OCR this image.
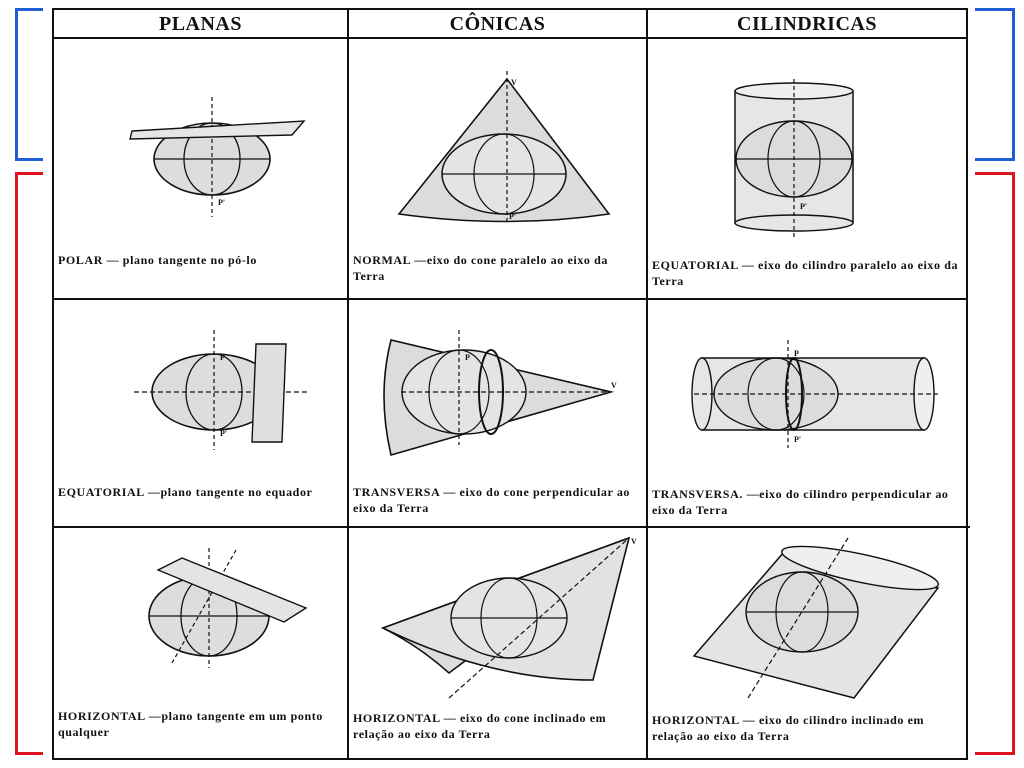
PLANAS	CÔNICAS	CILINDRICAS
P'
POLAR — plano tangente no pó-lo
V
P'
NORMAL —eixo do cone paralelo ao eixo da Terra
P'
EQUATORIAL — eixo do cilindro paralelo ao eixo da Terra
P
P'
EQUATORIAL —plano tangente no equador
V
P
TRANSVERSA — eixo do cone perpendicular ao eixo da Terra
P
P'
TRANSVERSA. —eixo do cilindro perpendicular ao eixo da Terra
HORIZONTAL —plano tangente em um ponto qualquer
V
HORIZONTAL — eixo do cone inclinado em relação ao eixo da Terra
HORIZONTAL — eixo do cilindro inclinado em relação ao eixo da Terra
